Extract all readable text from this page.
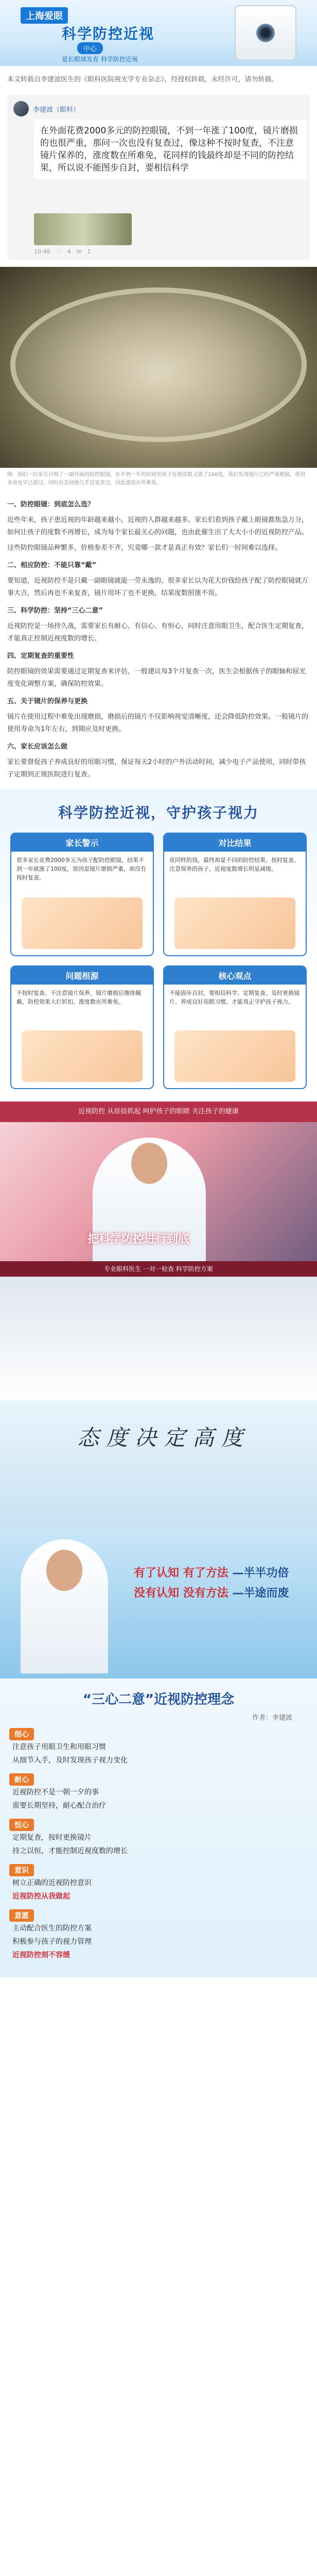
上海爱眼
科学防控近视
中心
延长眼球发育 科学防控近视
本文转载自李建波医生的《眼科医院视光学专业杂志》，经授权转载，未经许可，请勿转载。
李建波（眼科）
在外面花费2000多元的防控眼镜，不到一年涨了100度，镜片磨损的也很严重，那问一次也没有复查过，像这种不按时复查，不注意镜片保养的，涨度数在所难免，花同样的钱最终却是不同的防控结果，所以说不能图步自封，要相信科学
10:48 ♡ 4 ✉ 1
图：我们一位家长自购了一副外面的防控眼镜，在不到一年的时间里孩子近视度数又涨了100度，我们发现镜片已经严重磨损，使用寿命也早已超过，同时在其间他几乎没复查过，因此涨度在所难免。
一、防控眼镜：到底怎么选？

近些年来，孩子患近视的年龄越来越小，近视的人群越来越多。家长们看到孩子戴上眼镜都焦急万分，如何让孩子的度数不再增长，成为每个家长最关心的问题，也由此催生出了大大小小的近视防控产品。

这些防控眼镜品种繁多，价格参差不齐，究竟哪一款才是真正有效？家长们一时间难以选择。

二、相应防控：不能只靠“戴”

要知道，近视防控不是只戴一副眼镜就能一劳永逸的。很多家长以为花大价钱给孩子配了防控眼镜就万事大吉，然后再也不来复查，镜片用坏了也不更换，结果度数照涨不误。

三、科学防控：坚持“三心二意”

近视防控是一场持久战，需要家长有耐心、有信心、有恒心，同时注意用眼卫生，配合医生定期复查，才能真正控制近视度数的增长。

四、定期复查的重要性

防控眼镜的效果需要通过定期复查来评估，一般建议每3个月复查一次，医生会根据孩子的眼轴和屈光度变化调整方案，确保防控效果。

五、关于镜片的保养与更换

镜片在使用过程中难免出现磨损，磨损后的镜片不仅影响视觉清晰度，还会降低防控效果。一般镜片的使用寿命为1年左右，到期应及时更换。

六、家长应该怎么做

家长要督促孩子养成良好的用眼习惯，保证每天2小时的户外活动时间，减少电子产品使用，同时带孩子定期到正规医院进行复查。

科学防控近视，守护孩子视力
家长警示
很多家长花费2000多元为孩子配防控眼镜，结果不到一年就涨了100度，原因是镜片磨损严重，却没有按时复查。
对比结果
花同样的钱，最终却是不同的防控结果。按时复查、注意保养的孩子，近视度数增长明显减缓。
问题根源
不按时复查、不注意镜片保养，镜片磨损后继续佩戴，防控效果大打折扣，涨度数在所难免。
核心观点
不能固步自封，要相信科学。定期复查、及时更换镜片、养成良好用眼习惯，才能真正守护孩子视力。
近视防控 从娃娃抓起 呵护孩子的眼睛 关注孩子的健康
把科学防控进行到底
专业眼科医生 一对一检查 科学防控方案
态度决定高度
有了认知 有了方法 —半半功倍
没有认知 没有方法 —半途而废
“三心二意”近视防控理念
作者：李建波
细心
注意孩子用眼卫生和用眼习惯
从细节入手，及时发现孩子视力变化
耐心
近视防控不是一朝一夕的事
需要长期坚持，耐心配合治疗
恒心
定期复查，按时更换镜片
持之以恒，才能控制近视度数的增长
意识
树立正确的近视防控意识
近视防控从我做起
意愿
主动配合医生的防控方案
积极参与孩子的视力管理
近视防控刻不容缓
